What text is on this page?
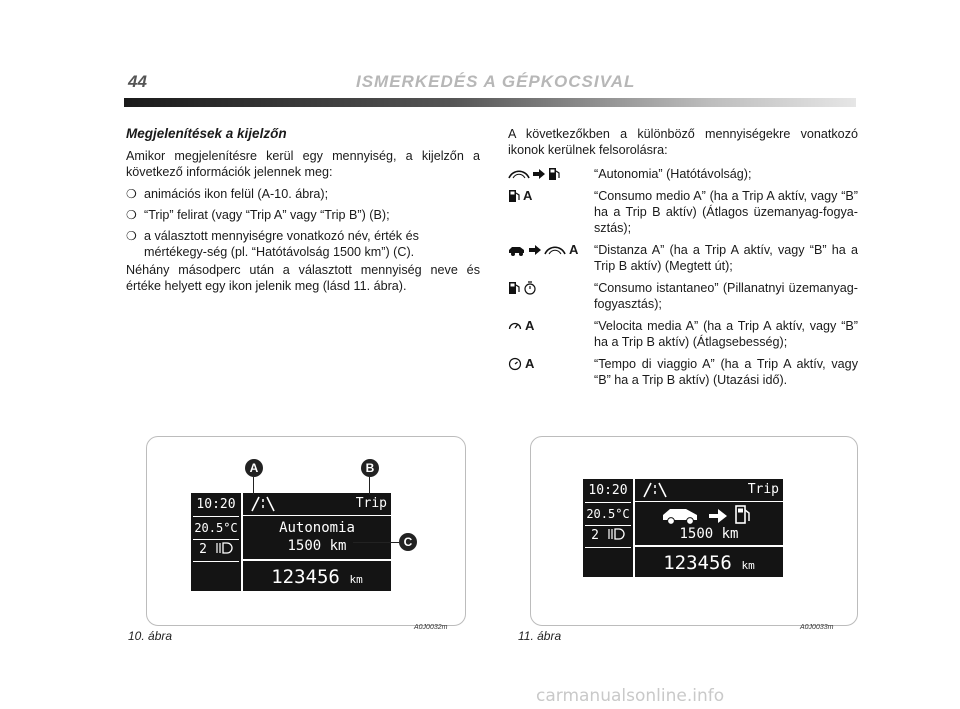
44	ISMERKEDÉS A GÉPKOCSIVAL
Megjelenítések a kijelzőn
Amikor megjelenítésre kerül egy mennyiség, a kijelzőn a következő információk jelennek meg:
❍ animációs ikon felül (A-10. ábra);
❍ “Trip” felirat (vagy “Trip A” vagy “Trip B”) (B);
❍ a választott mennyiségre vonatkozó név, érték és mértékegy-ség (pl. “Hatótávolság 1500 km”) (C).
Néhány másodperc után a választott mennyiség neve és értéke helyett egy ikon jelenik meg (lásd 11. ábra).
A következőkben a különböző mennyiségekre vonatkozó ikonok kerülnek felsorolásra:
“Autonomia” (Hatótávolság);
A	“Consumo medio A” (ha a Trip A aktív, vagy “B” ha a Trip B aktív) (Átlagos üzemanyag-fogya-sztás);
A “Distanza A” (ha a Trip A aktív, vagy “B” ha a Trip B aktív) (Megtett út);
“Consumo istantaneo” (Pillanatnyi üzemanyag-fogyasztás);
A	“Velocita media A” (ha a Trip A aktív, vagy “B” ha a Trip B aktív) (Átlagsebesség);
A	“Tempo di viaggio A” (ha a Trip A aktív, vagy “B” ha a Trip B aktív) (Utazási idő).
10:20
20.5°C
2
Trip
Autonomia
1500 km
123456 km
A	B
C
10. ábra
A0J0032m
10:20
20.5°C
2
Trip
1500 km
123456 km
11. ábra
A0J0033m
carmanualsonline.info
